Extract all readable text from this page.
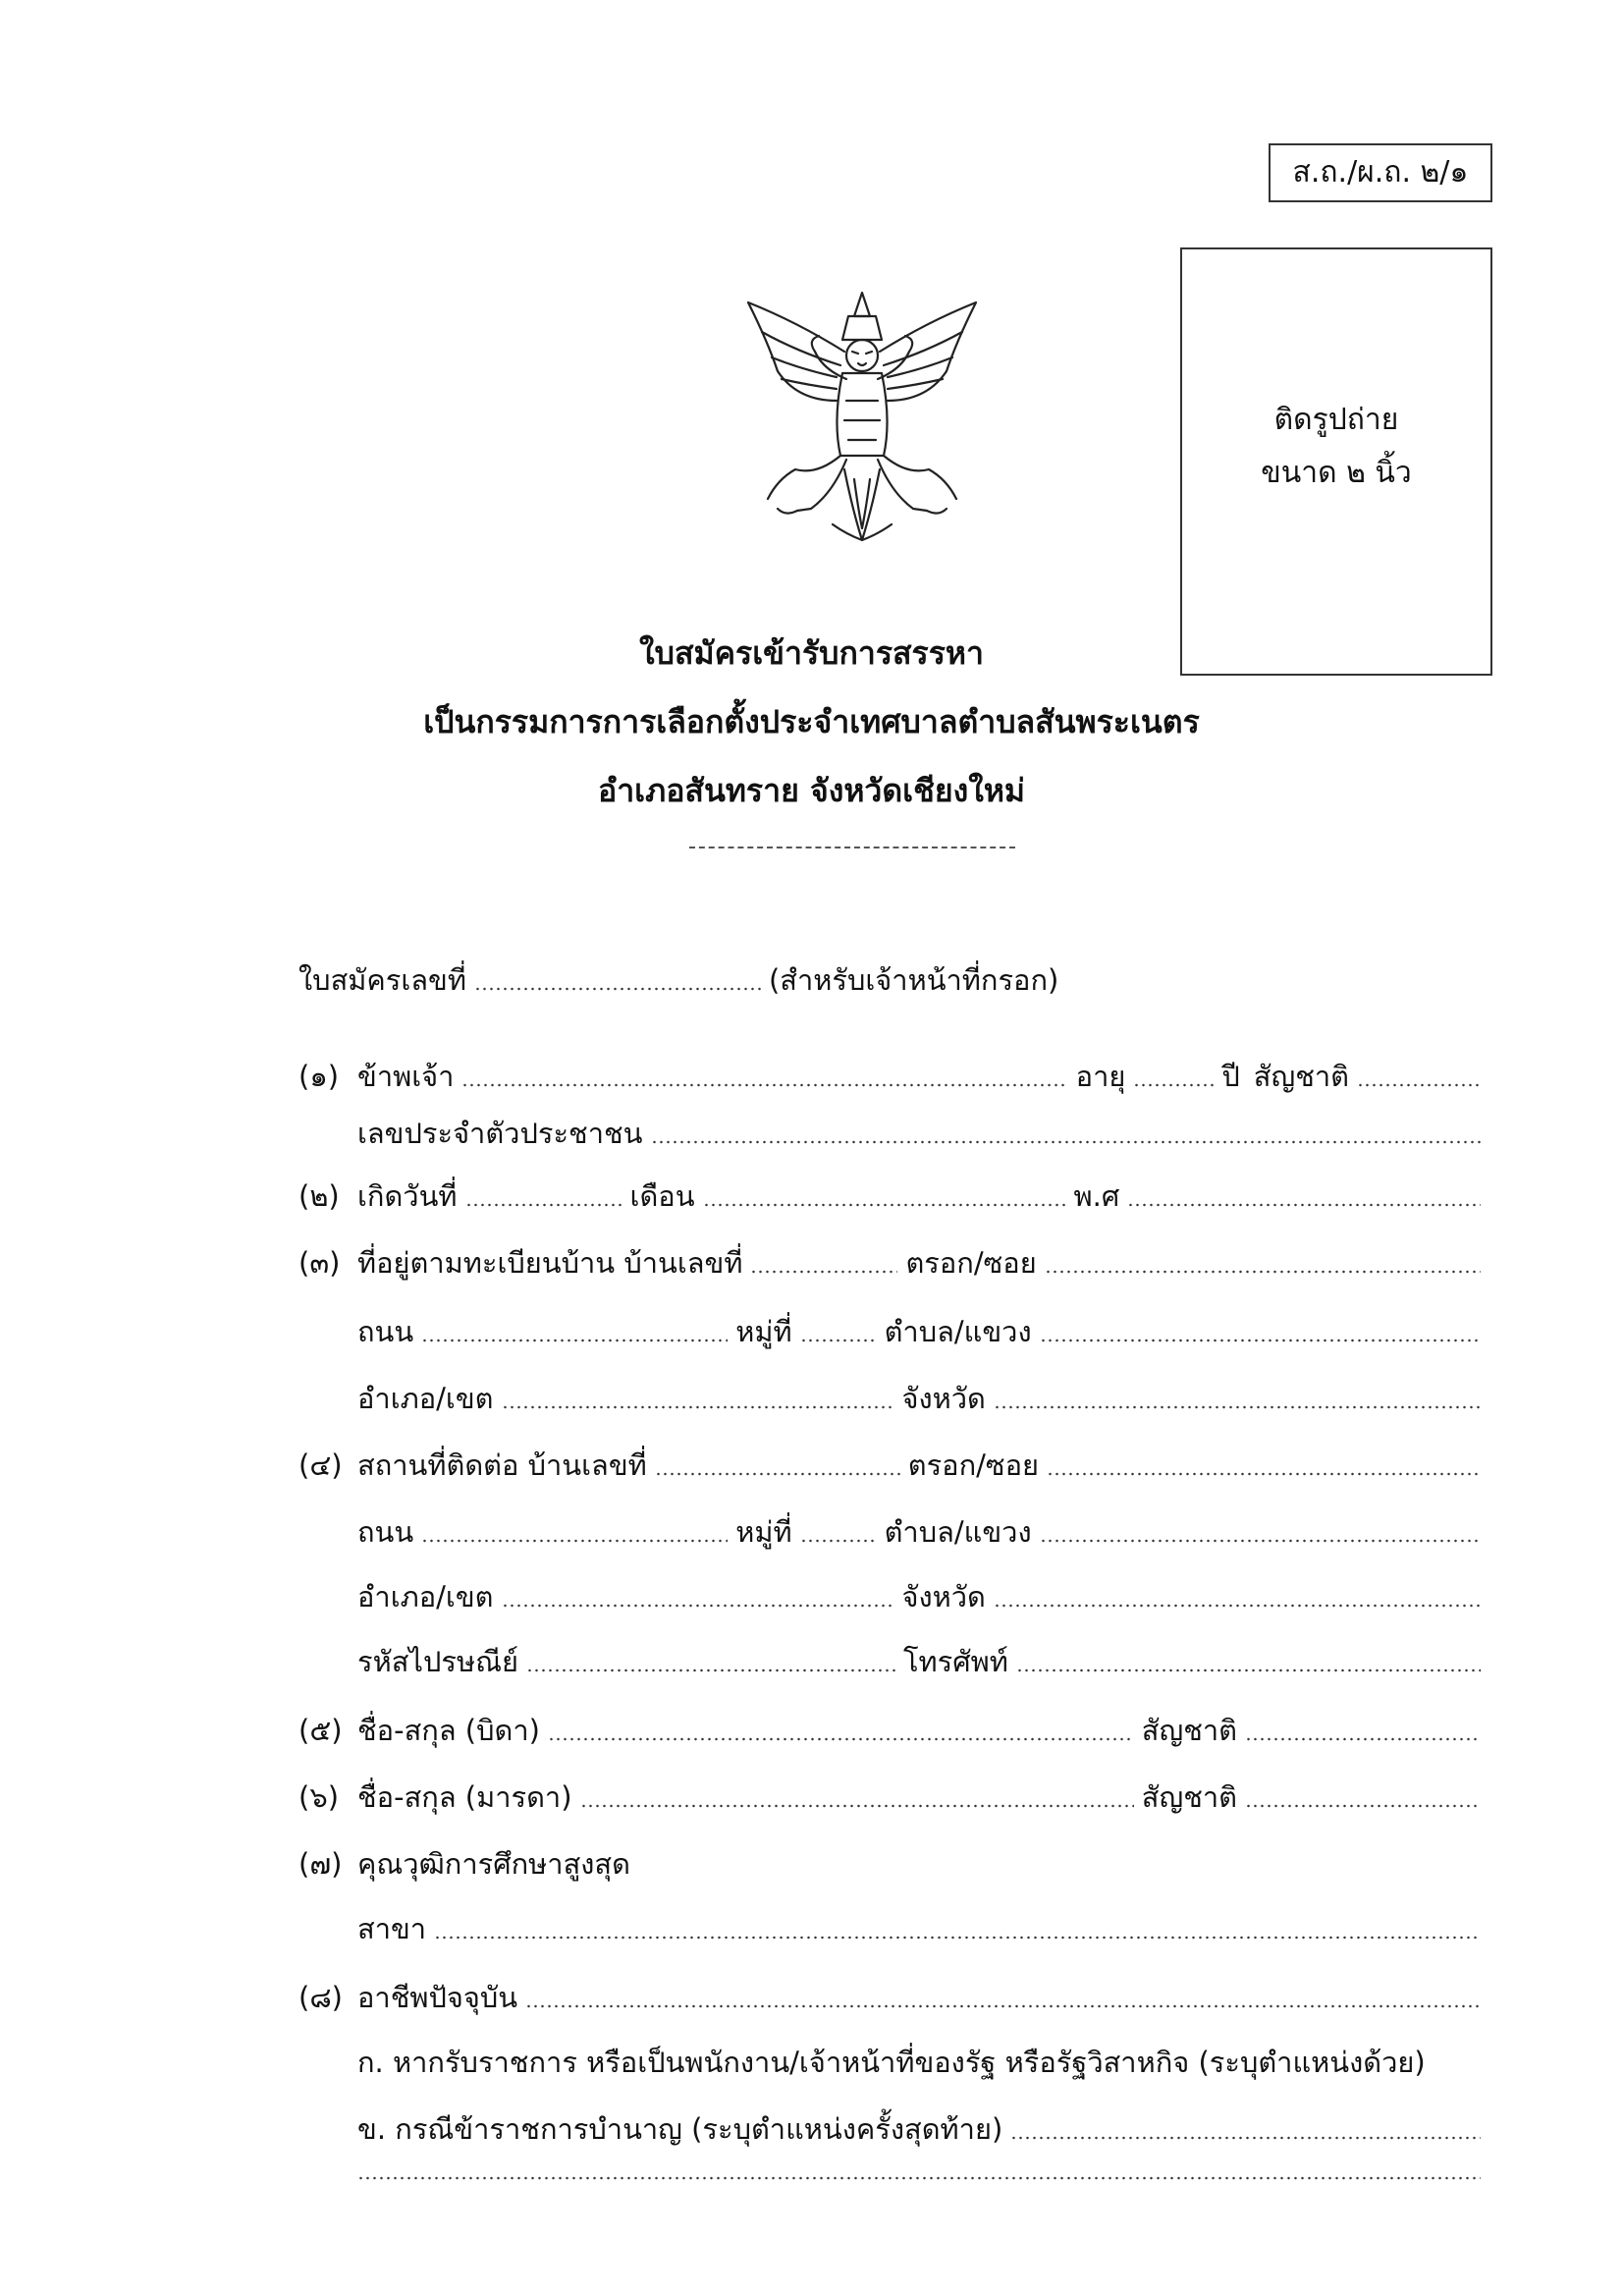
ส.ถ./ผ.ถ. ๒/๑
ติดรูปถ่าย
ขนาด ๒ นิ้ว
ใบสมัครเข้ารับการสรรหา
เป็นกรรมการการเลือกตั้งประจำเทศบาลตำบลสันพระเนตร
อำเภอสันทราย จังหวัดเชียงใหม่
ใบสมัครเลขที่	(สำหรับเจ้าหน้าที่กรอก)
(๑) ข้าพเจ้า	อายุ	ปี สัญชาติ
เลขประจำตัวประชาชน
(๒) เกิดวันที่	เดือน	พ.ศ
(๓) ที่อยู่ตามทะเบียนบ้าน บ้านเลขที่	ตรอก/ซอย
ถนน	หมู่ที่	ตำบล/แขวง
อำเภอ/เขต	จังหวัด
(๔) สถานที่ติดต่อ บ้านเลขที่	ตรอก/ซอย
ถนน	หมู่ที่	ตำบล/แขวง
อำเภอ/เขต	จังหวัด
รหัสไปรษณีย์	โทรศัพท์
(๕) ชื่อ-สกุล (บิดา)	สัญชาติ
(๖) ชื่อ-สกุล (มารดา)	สัญชาติ
(๗) คุณวุฒิการศึกษาสูงสุด
สาขา
(๘) อาชีพปัจจุบัน
ก. หากรับราชการ หรือเป็นพนักงาน/เจ้าหน้าที่ของรัฐ หรือรัฐวิสาหกิจ (ระบุตำแหน่งด้วย)
ข. กรณีข้าราชการบำนาญ (ระบุตำแหน่งครั้งสุดท้าย)
